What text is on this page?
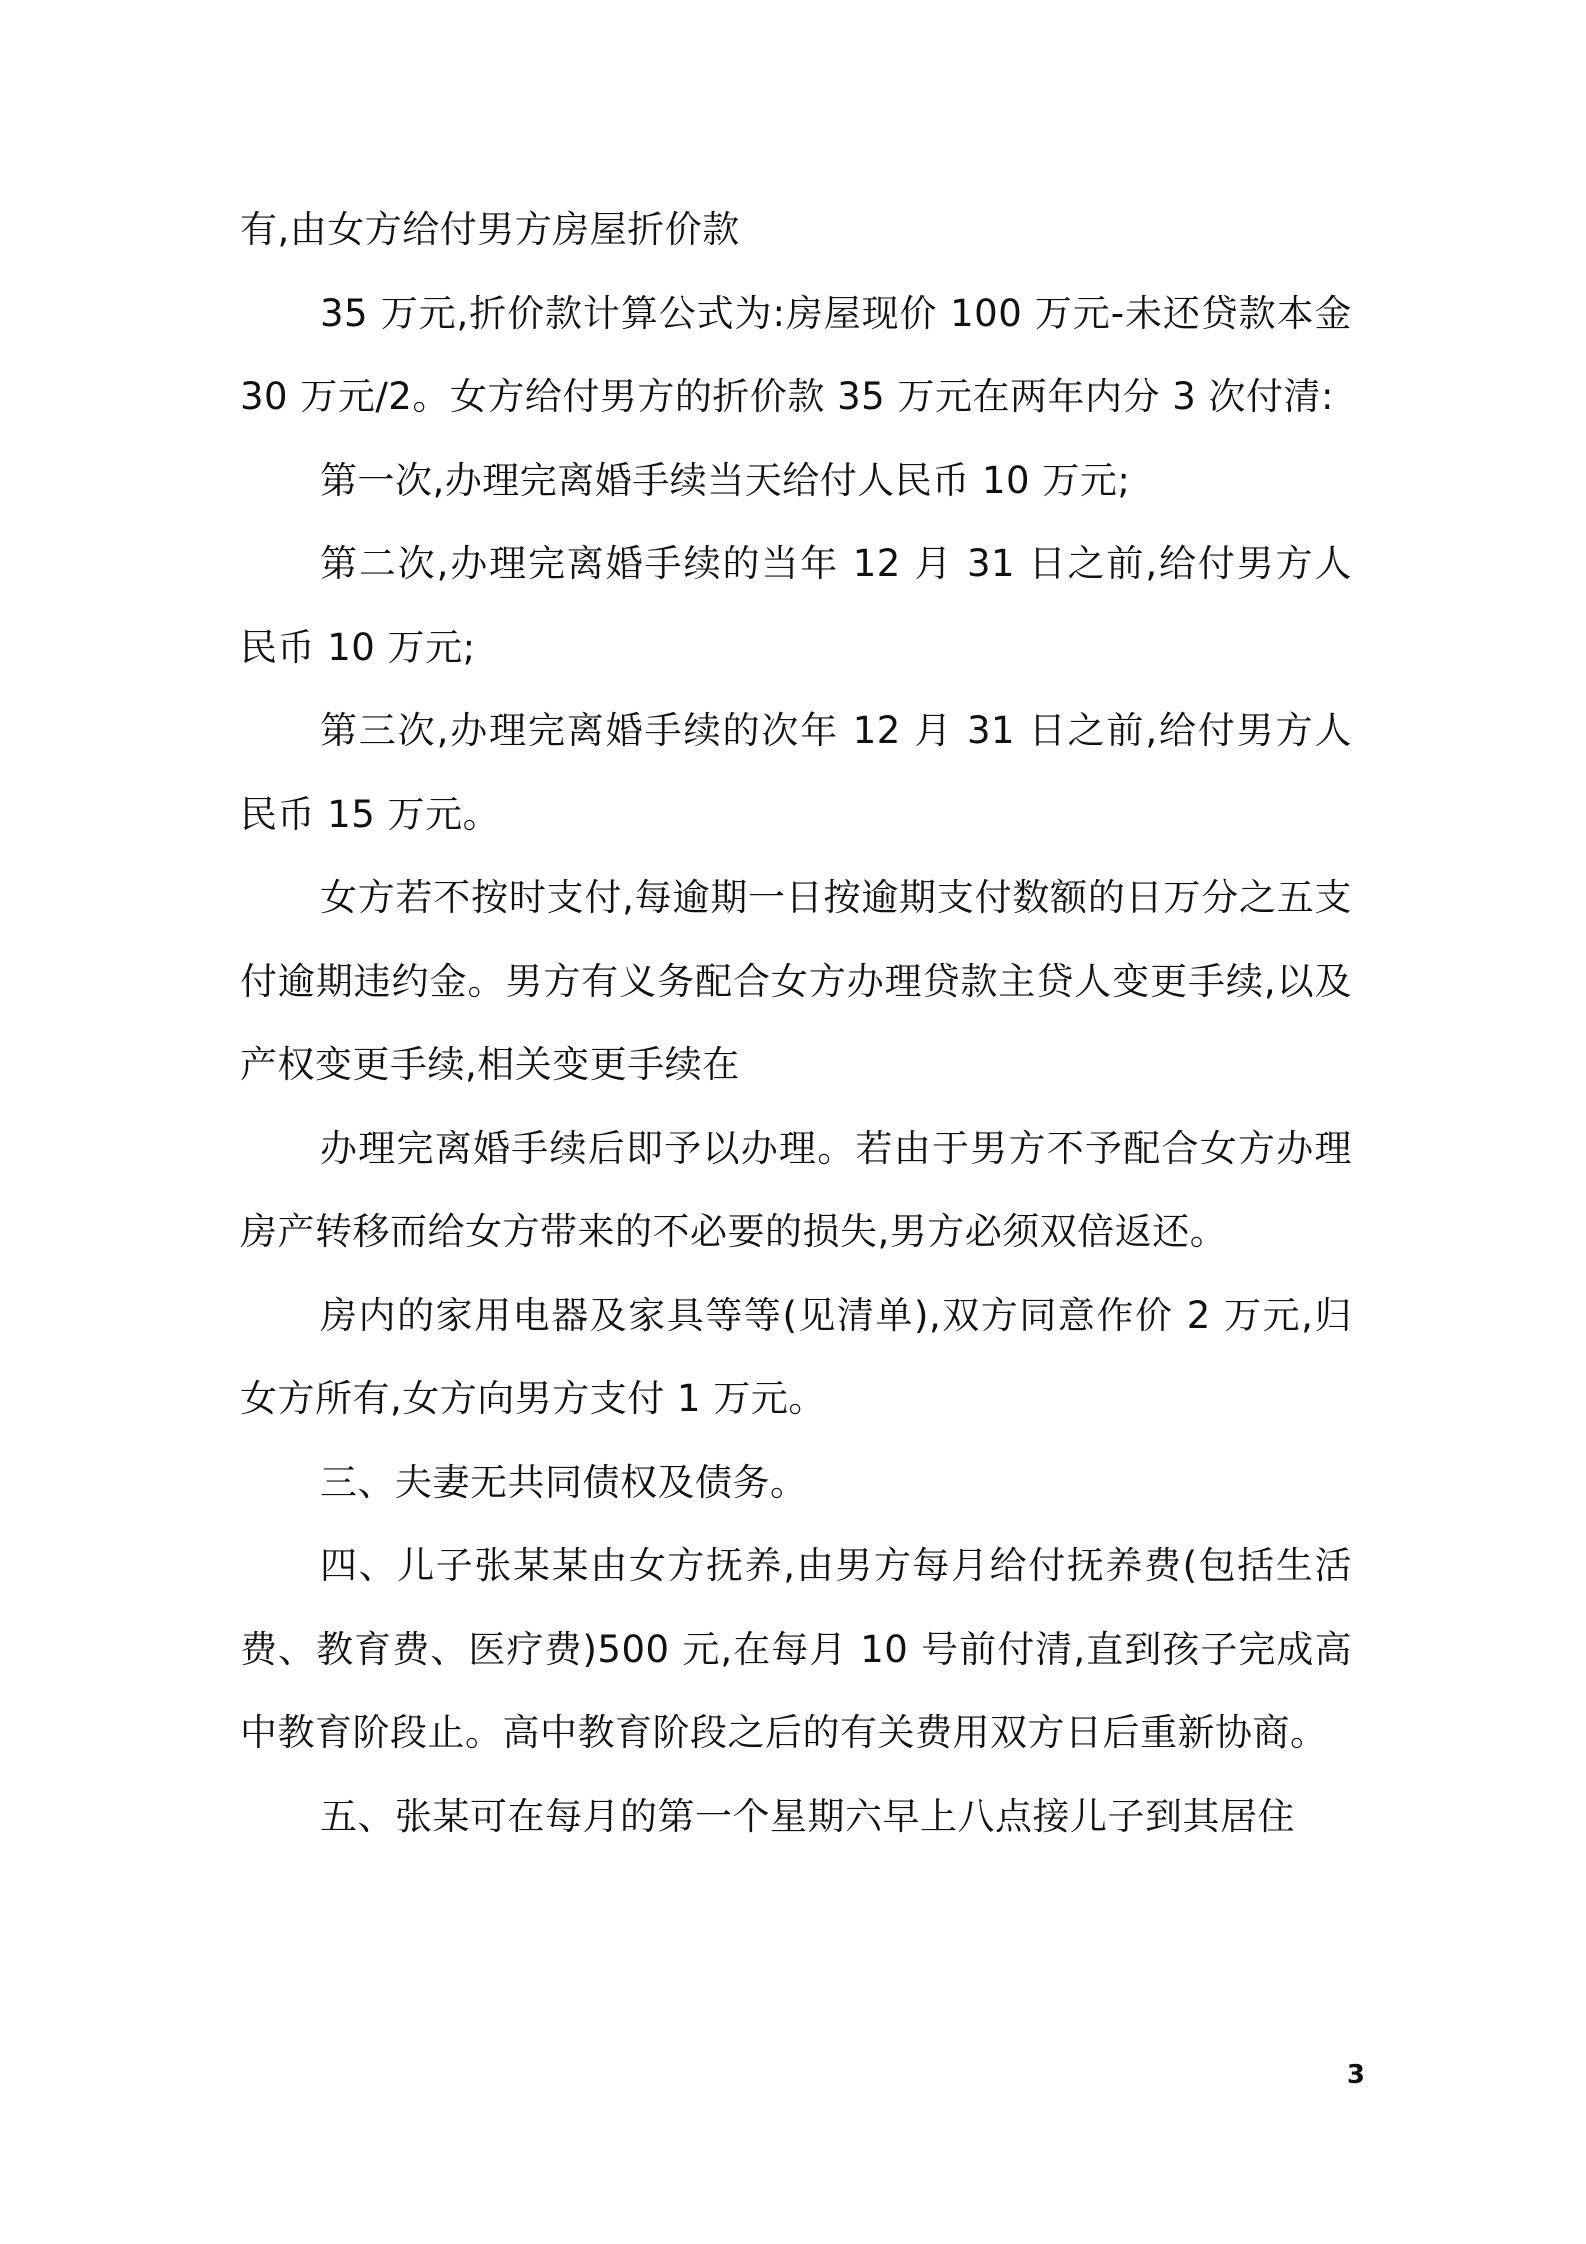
有,由女方给付男方房屋折价款

35 万元,折价款计算公式为:房屋现价 100 万元-未还贷款本金 30 万元/2。女方给付男方的折价款 35 万元在两年内分 3 次付清:

第一次,办理完离婚手续当天给付人民币 10 万元;

第二次,办理完离婚手续的当年 12 月 31 日之前,给付男方人民币 10 万元;

第三次,办理完离婚手续的次年 12 月 31 日之前,给付男方人民币 15 万元。

女方若不按时支付,每逾期一日按逾期支付数额的日万分之五支付逾期违约金。男方有义务配合女方办理贷款主贷人变更手续,以及产权变更手续,相关变更手续在

办理完离婚手续后即予以办理。若由于男方不予配合女方办理房产转移而给女方带来的不必要的损失,男方必须双倍返还。

房内的家用电器及家具等等(见清单),双方同意作价 2 万元,归女方所有,女方向男方支付 1 万元。

三、夫妻无共同债权及债务。

四、儿子张某某由女方抚养,由男方每月给付抚养费(包括生活费、教育费、医疗费)500 元,在每月 10 号前付清,直到孩子完成高中教育阶段止。高中教育阶段之后的有关费用双方日后重新协商。

五、张某可在每月的第一个星期六早上八点接儿子到其居住

3
